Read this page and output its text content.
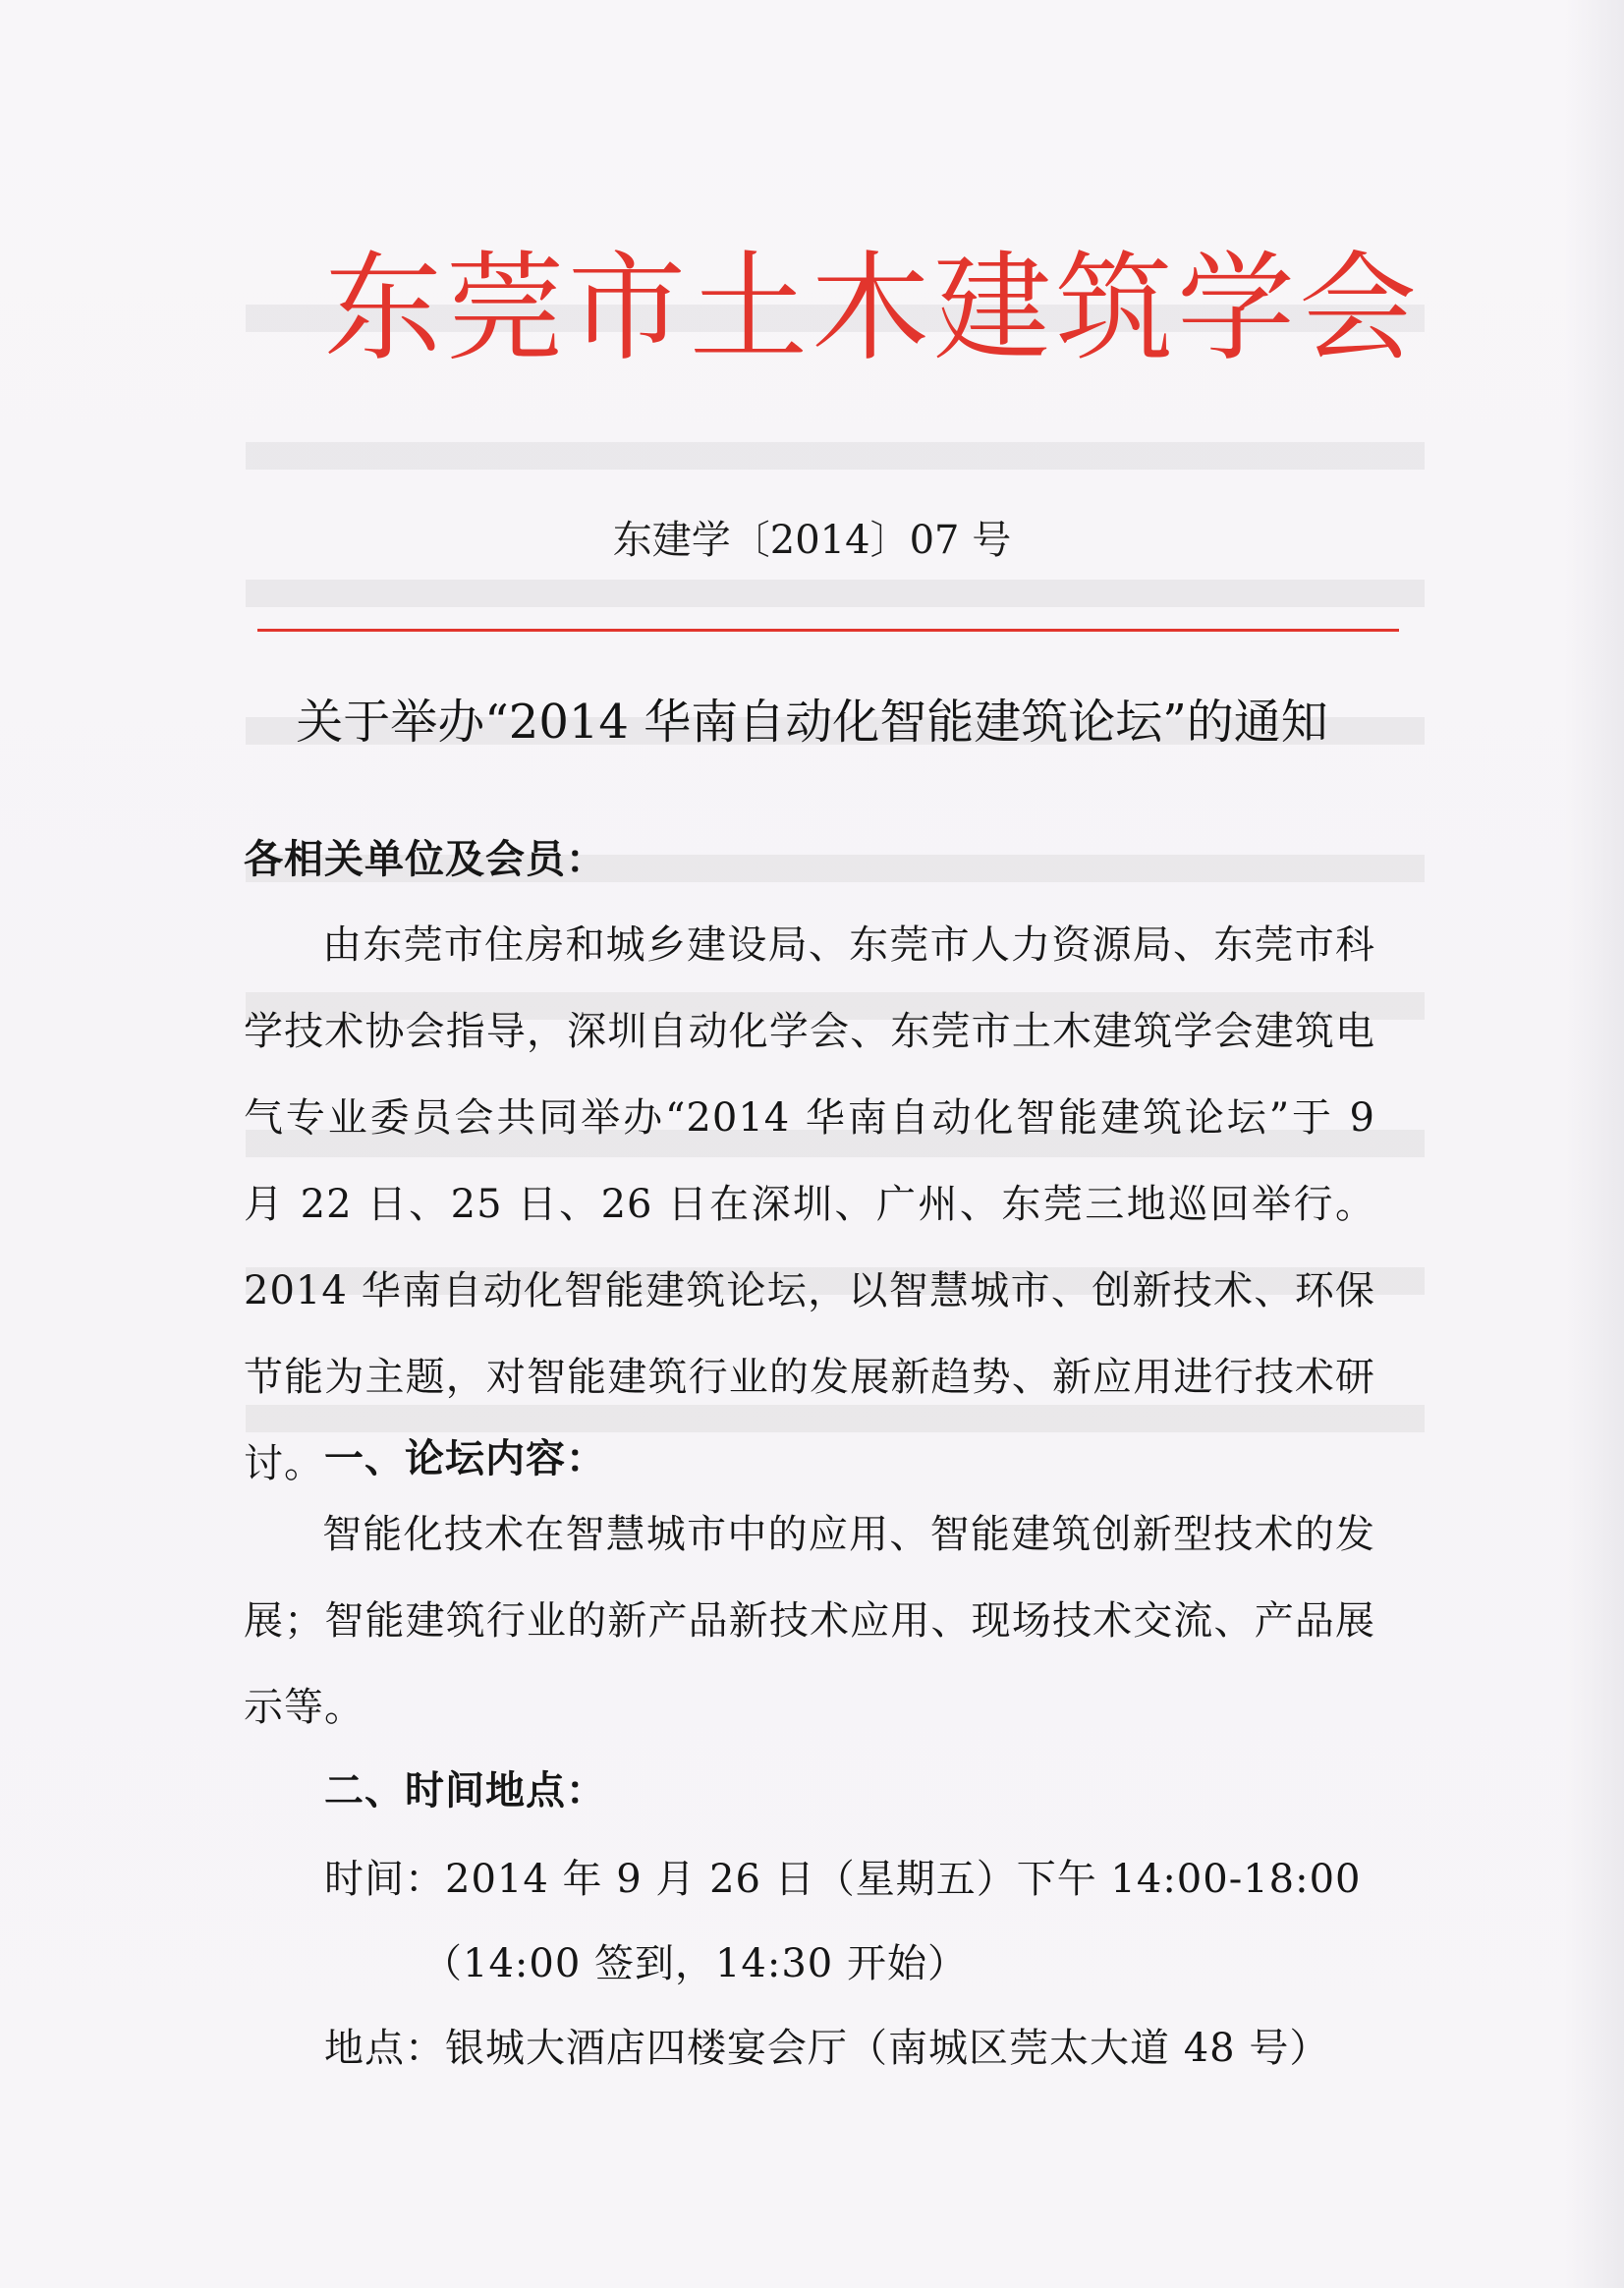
东莞市土木建筑学会
东建学〔2014〕07 号
关于举办“2014 华南自动化智能建筑论坛”的通知
各相关单位及会员：
由东莞市住房和城乡建设局、东莞市人力资源局、东莞市科学技术协会指导，深圳自动化学会、东莞市土木建筑学会建筑电气专业委员会共同举办“2014 华南自动化智能建筑论坛”于 9 月 22 日、25 日、26 日在深圳、广州、东莞三地巡回举行。2014 华南自动化智能建筑论坛，以智慧城市、创新技术、环保节能为主题，对智能建筑行业的发展新趋势、新应用进行技术研讨。 一、论坛内容：
智能化技术在智慧城市中的应用、智能建筑创新型技术的发展；智能建筑行业的新产品新技术应用、现场技术交流、产品展示等。
二、时间地点：
时间：2014 年 9 月 26 日（星期五）下午 14:00-18:00
（14:00 签到，14:30 开始）
地点：银城大酒店四楼宴会厅（南城区莞太大道 48 号）
